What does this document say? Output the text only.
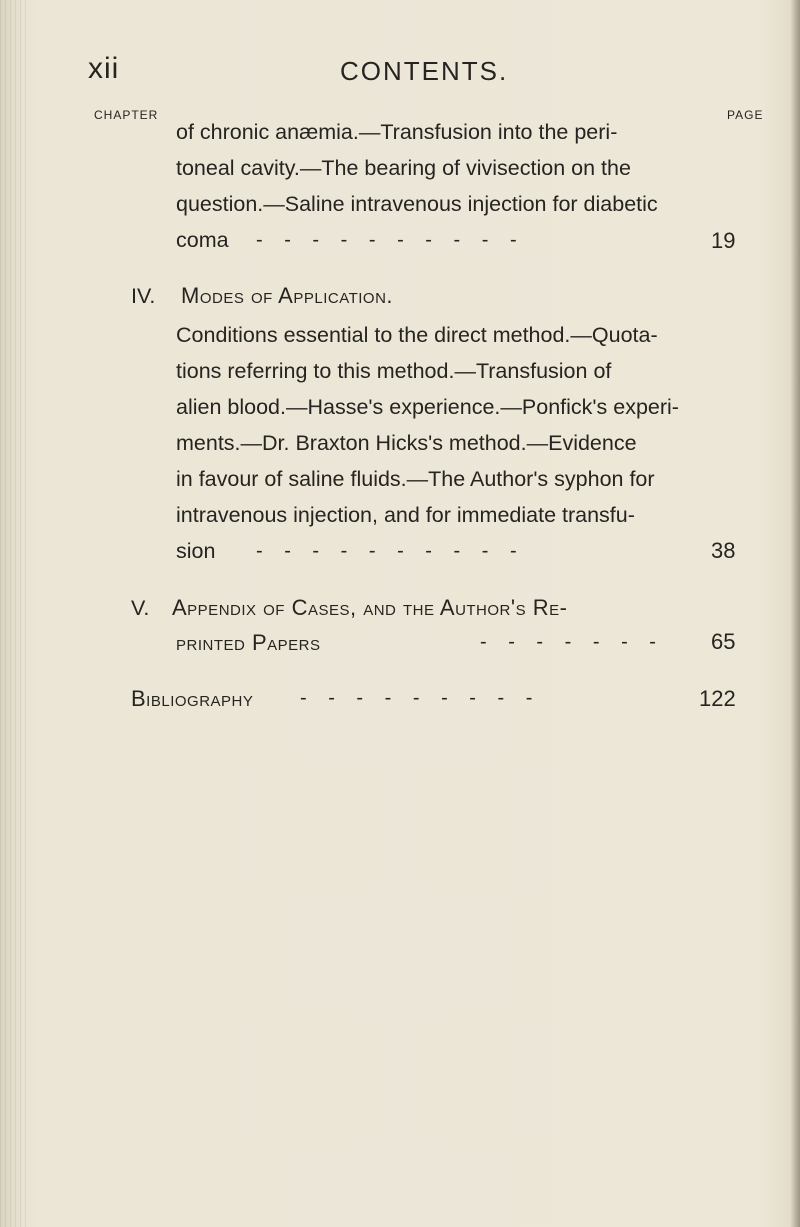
xii	CONTENTS.
CHAPTER	PAGE
of chronic anæmia.—Transfusion into the peri-
toneal cavity.—The bearing of vivisection on the
question.—Saline intravenous injection for diabetic
coma - - - - - - - - - -	19
IV. Modes of Application.
Conditions essential to the direct method.—Quota-
tions referring to this method.—Transfusion of
alien blood.—Hasse's experience.—Ponfick's experi-
ments.—Dr. Braxton Hicks's method.—Evidence
in favour of saline fluids.—The Author's syphon for
intravenous injection, and for immediate transfu-
sion - - - - - - - - - -	38
V. Appendix of Cases, and the Author's Re-
printed Papers	- - - - - - - 65
Bibliography - - - - - - - - -	122
